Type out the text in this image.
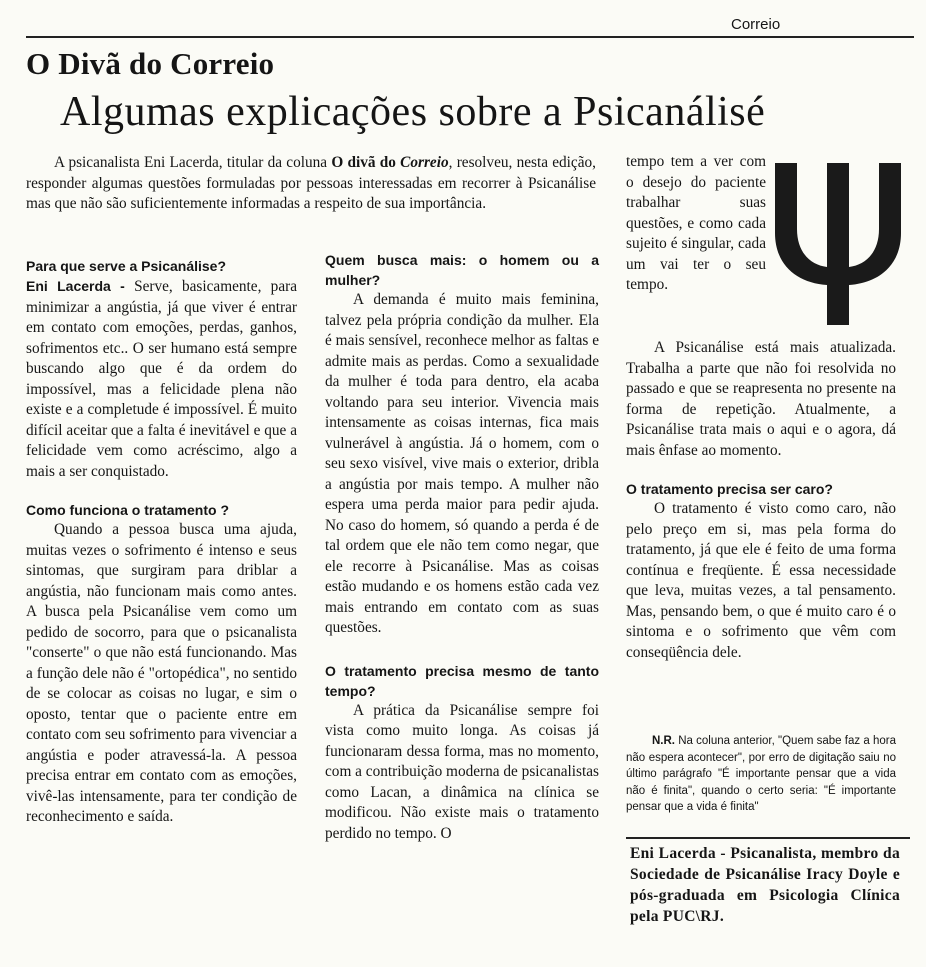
Correio
O Divã do Correio
Algumas explicações sobre a Psicanálisé

A psicanalista Eni Lacerda, titular da coluna O divã do Correio, resolveu, nesta edição, responder algumas questões formuladas por pessoas interessadas em recorrer à Psicanálise mas que não são suficientemente informadas a respeito de sua importância.

Para que serve a Psicanálise?

Eni Lacerda - Serve, basicamente, para minimizar a angústia, já que viver é entrar em contato com emoções, perdas, ganhos, sofrimentos etc.. O ser humano está sempre buscando algo que é da ordem do impossível, mas a felicidade plena não existe e a completude é impossível. É muito difícil aceitar que a falta é inevitável e que a felicidade vem como acréscimo, algo a mais a ser conquistado.

Como funciona o tratamento ?

Quando a pessoa busca uma ajuda, muitas vezes o sofrimento é intenso e seus sintomas, que surgiram para driblar a angústia, não funcionam mais como antes. A busca pela Psicanálise vem como um pedido de socorro, para que o psicanalista "conserte" o que não está funcionando. Mas a função dele não é "ortopédica", no sentido de se colocar as coisas no lugar, e sim o oposto, tentar que o paciente entre em contato com seu sofrimento para vivenciar a angústia e poder atravessá-la. A pessoa precisa entrar em contato com as emoções, vivê-las intensamente, para ter condição de reconhecimento e saída.

Quem busca mais: o homem ou a mulher?

A demanda é muito mais feminina, talvez pela própria condição da mulher. Ela é mais sensível, reconhece melhor as faltas e admite mais as perdas. Como a sexualidade da mulher é toda para dentro, ela acaba voltando para seu interior. Vivencia mais intensamente as coisas internas, fica mais vulnerável à angústia. Já o homem, com o seu sexo visível, vive mais o exterior, dribla a angústia por mais tempo. A mulher não espera uma perda maior para pedir ajuda. No caso do homem, só quando a perda é de tal ordem que ele não tem como negar, que ele recorre à Psicanálise. Mas as coisas estão mudando e os homens estão cada vez mais entrando em contato com as suas questões.

O tratamento precisa mesmo de tanto tempo?

A prática da Psicanálise sempre foi vista como muito longa. As coisas já funcionaram dessa forma, mas no momento, com a contribuição moderna de psicanalistas como Lacan, a dinâmica na clínica se modificou. Não existe mais o tratamento perdido no tempo. O

tempo tem a ver com o desejo do paciente trabalhar suas questões, e como cada sujeito é singular, cada um vai ter o seu tempo.

A Psicanálise está mais atualizada. Trabalha a parte que não foi resolvida no passado e que se reapresenta no presente na forma de repetição. Atualmente, a Psicanálise trata mais o aqui e o agora, dá mais ênfase ao momento.

O tratamento precisa ser caro?

O tratamento é visto como caro, não pelo preço em si, mas pela forma do tratamento, já que ele é feito de uma forma contínua e freqüente. É essa necessidade que leva, muitas vezes, a tal pensamento. Mas, pensando bem, o que é muito caro é o sintoma e o sofrimento que vêm com conseqüência dele.

N.R. Na coluna anterior, "Quem sabe faz a hora não espera acontecer", por erro de digitação saiu no último parágrafo "É importante pensar que a vida não é finita", quando o certo seria: "É importante pensar que a vida é finita"
Eni Lacerda - Psicanalista, membro da Sociedade de Psicanálise Iracy Doyle e pós-graduada em Psicologia Clínica pela PUC\RJ.
